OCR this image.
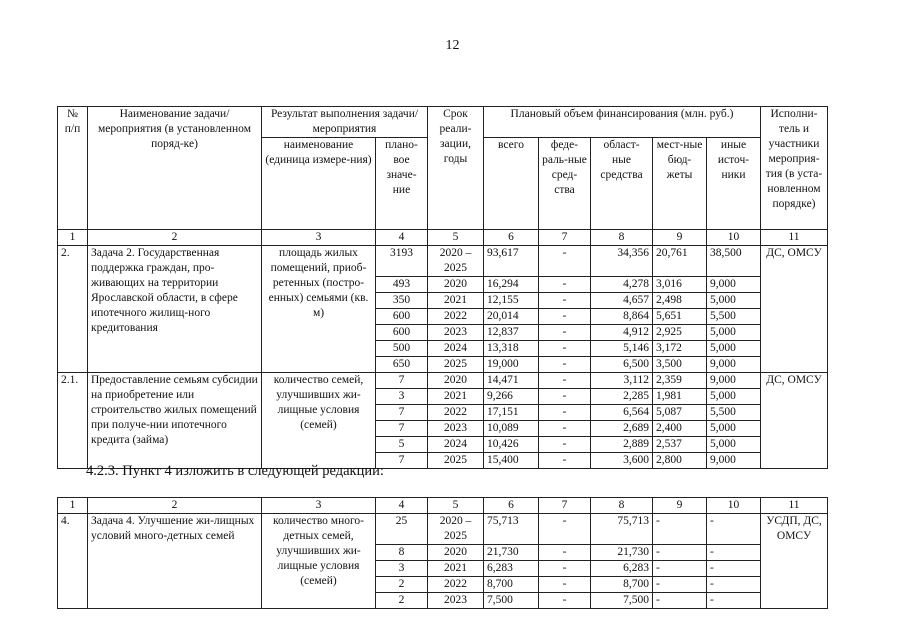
12
№ п/п	Наименование задачи/мероприятия (в установленном поряд-ке)	Результат выполнения задачи/мероприятия		Срок реали-зации, годы	Плановый объем финансирования (млн. руб.)					Исполни-тель и участники мероприя-тия (в уста-новленном порядке)
		наименование (единица измере-ния)	плано-вое значе-ние		всего	феде-раль-ные сред-ства	област-ные средства	мест-ные бюд-жеты	иные источ-ники	
1	2	3	4	5	6	7	8	9	10	11
2.	Задача 2. Государственная поддержка граждан, про-живающих на территории Ярославской области, в сфере ипотечного жилищ-ного кредитования	площадь жилых помещений, приоб-ретенных (постро-енных) семьями (кв. м)	3193	2020 – 2025	93,617	-	34,356	20,761	38,500	ДС, ОМСУ
			493	2020	16,294	-	4,278	3,016	9,000	
			350	2021	12,155	-	4,657	2,498	5,000	
			600	2022	20,014	-	8,864	5,651	5,500	
			600	2023	12,837	-	4,912	2,925	5,000	
			500	2024	13,318	-	5,146	3,172	5,000	
			650	2025	19,000	-	6,500	3,500	9,000	
2.1.	Предоставление семьям субсидии на приобретение или строительство жилых помещений при получе-нии ипотечного кредита (займа)	количество семей, улучшивших жи-лищные условия (семей)	7	2020	14,471	-	3,112	2,359	9,000	ДС, ОМСУ
			3	2021	9,266	-	2,285	1,981	5,000	
			7	2022	17,151	-	6,564	5,087	5,500	
			7	2023	10,089	-	2,689	2,400	5,000	
			5	2024	10,426	-	2,889	2,537	5,000	
			7	2025	15,400	-	3,600	2,800	9,000	
4.2.3. Пункт 4 изложить в следующей редакции:
1	2	3	4	5	6	7	8	9	10	11
4.	Задача 4. Улучшение жи-лищных условий много-детных семей	количество много-детных семей, улучшивших жи-лищные условия (семей)	25	2020 – 2025	75,713	-	75,713	-	-	УСДП, ДС, ОМСУ
			8	2020	21,730	-	21,730	-	-	
			3	2021	6,283	-	6,283	-	-	
			2	2022	8,700	-	8,700	-	-	
			2	2023	7,500	-	7,500	-	-	
